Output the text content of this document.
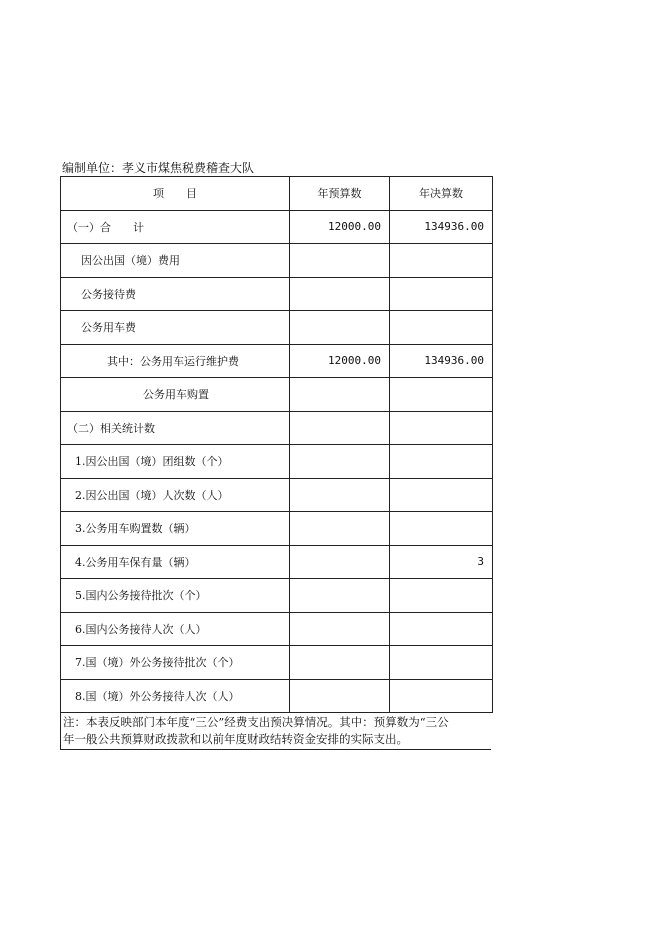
编制单位：孝义市煤焦税费稽查大队
项　　目	年预算数	年决算数
（一）合　　计	12000.00	134936.00
因公出国（境）费用		
公务接待费		
公务用车费		
其中：公务用车运行维护费	12000.00	134936.00
公务用车购置		
（二）相关统计数		
1.因公出国（境）团组数（个）		
2.因公出国（境）人次数（人）		
3.公务用车购置数（辆）		
4.公务用车保有量（辆）		3
5.国内公务接待批次（个）		
6.国内公务接待人次（人）		
7.国（境）外公务接待批次（个）		
8.国（境）外公务接待人次（人）		
注：本表反映部门本年度“三公”经费支出预决算情况。其中：预算数为“三公
年一般公共预算财政拨款和以前年度财政结转资金安排的实际支出。
